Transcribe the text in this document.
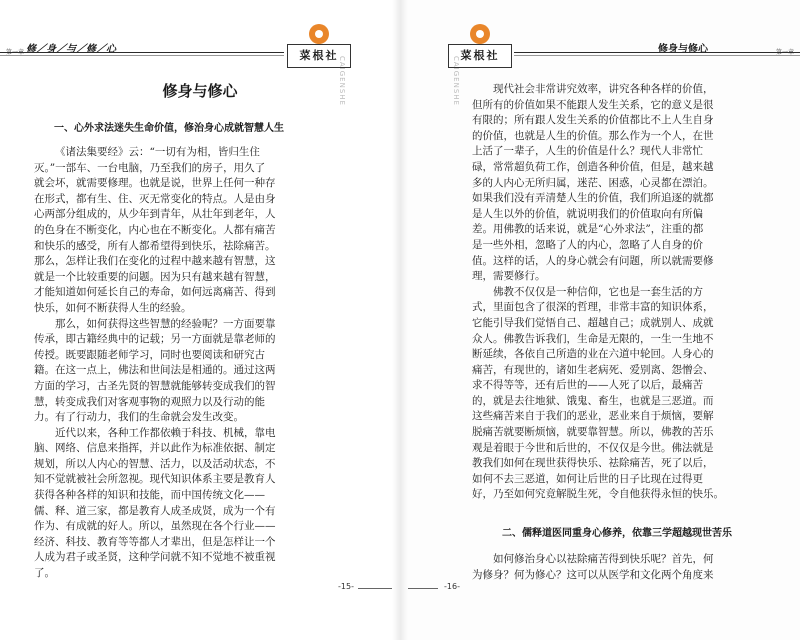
第一章 修／身／与／修／心	菜根社
CAIGENSHE
修身与修心
一、心外求法迷失生命价值，修治身心成就智慧人生
《诸法集要经》云：“一切有为相，皆归生住
灭。”一部车、一台电脑，乃至我们的房子，用久了
就会坏，就需要修理。也就是说，世界上任何一种存
在形式，都有生、住、灭无常变化的特点。人是由身
心两部分组成的，从少年到青年，从壮年到老年，人
的色身在不断变化，内心也在不断变化。人都有痛苦
和快乐的感受，所有人都希望得到快乐，祛除痛苦。
那么，怎样让我们在变化的过程中越来越有智慧，这
就是一个比较重要的问题。因为只有越来越有智慧，
才能知道如何延长自己的寿命，如何远离痛苦、得到
快乐，如何不断获得人生的经验。
那么，如何获得这些智慧的经验呢？一方面要靠
传承，即古籍经典中的记载；另一方面就是靠老师的
传授。既要跟随老师学习，同时也要阅读和研究古
籍。在这一点上，佛法和世间法是相通的。通过这两
方面的学习，古圣先贤的智慧就能够转变成我们的智
慧，转变成我们对客观事物的观照力以及行动的能
力。有了行动力，我们的生命就会发生改变。
近代以来，各种工作都依赖于科技、机械，靠电
脑、网络、信息来指挥，并以此作为标准依据、制定
规划，所以人内心的智慧、活力，以及活动状态，不
知不觉就被社会所忽视。现代知识体系主要是教育人
获得各种各样的知识和技能，而中国传统文化——
儒、释、道三家，都是教育人成圣成贤，成为一个有
作为、有成就的好人。所以，虽然现在各个行业——
经济、科技、教育等等都人才辈出，但是怎样让一个
人成为君子或圣贤，这种学问就不知不觉地不被重视
了。
-15-
修身与修心	第一章
菜根社
CAIGENSHE	现代社会非常讲究效率，讲究各种各样的价值，
但所有的价值如果不能跟人发生关系，它的意义是很
有限的；所有跟人发生关系的价值都比不上人生自身
的价值，也就是人生的价值。那么作为一个人，在世
上活了一辈子，人生的价值是什么？现代人非常忙
碌，常常超负荷工作，创造各种价值，但是，越来越
多的人内心无所归属，迷茫、困惑，心灵都在漂泊。
如果我们没有弄清楚人生的价值，我们所追逐的就都
是人生以外的价值，就说明我们的价值取向有所偏
差。用佛教的话来说，就是“心外求法”，注重的都
是一些外相，忽略了人的内心，忽略了人自身的价
值。这样的话，人的身心就会有问题，所以就需要修
理，需要修行。
佛教不仅仅是一种信仰，它也是一套生活的方
式，里面包含了很深的哲理，非常丰富的知识体系，
它能引导我们觉悟自己、超越自己；成就别人、成就
众人。佛教告诉我们，生命是无限的，一生一生地不
断延续，各依自己所造的业在六道中轮回。人身心的
痛苦，有现世的，诸如生老病死、爱别离、怨憎会、
求不得等等，还有后世的——人死了以后，最痛苦
的，就是去往地狱、饿鬼、畜生，也就是三恶道。而
这些痛苦来自于我们的恶业，恶业来自于烦恼，要解
脱痛苦就要断烦恼，就要靠智慧。所以，佛教的苦乐
观是着眼于今世和后世的，不仅仅是今世。佛法就是
教我们如何在现世获得快乐、祛除痛苦，死了以后，
如何不去三恶道，如何让后世的日子比现在过得更
好，乃至如何究竟解脱生死，令自他获得永恒的快乐。
二、儒释道医同重身心修养，依靠三学超越现世苦乐
如何修治身心以祛除痛苦得到快乐呢？首先，何
为修身？何为修心？这可以从医学和文化两个角度来
-16-
